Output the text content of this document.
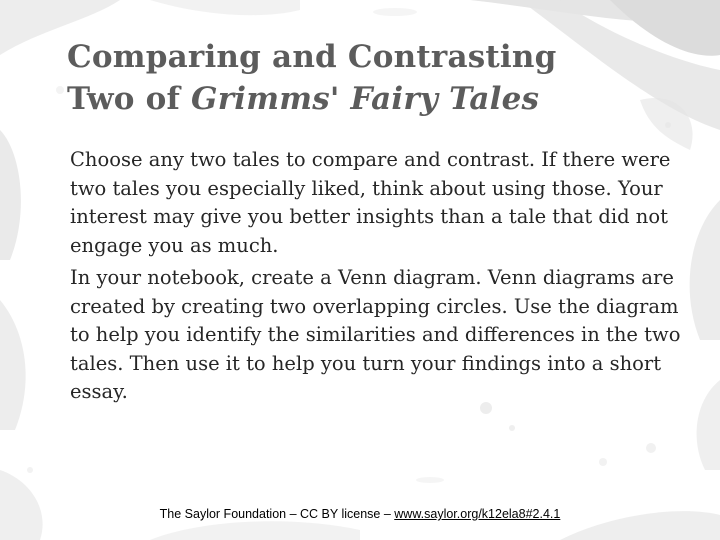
Comparing and Contrasting
Two of Grimms' Fairy Tales

Choose any two tales to compare and contrast. If there were two tales you especially liked, think about using those. Your interest may give you better insights than a tale that did not engage you as much.

In your notebook, create a Venn diagram. Venn diagrams are created by creating two overlapping circles. Use the diagram to help you identify the similarities and differences in the two tales. Then use it to help you turn your findings into a short essay.

The Saylor Foundation – CC BY license – www.saylor.org/k12ela8#2.4.1
